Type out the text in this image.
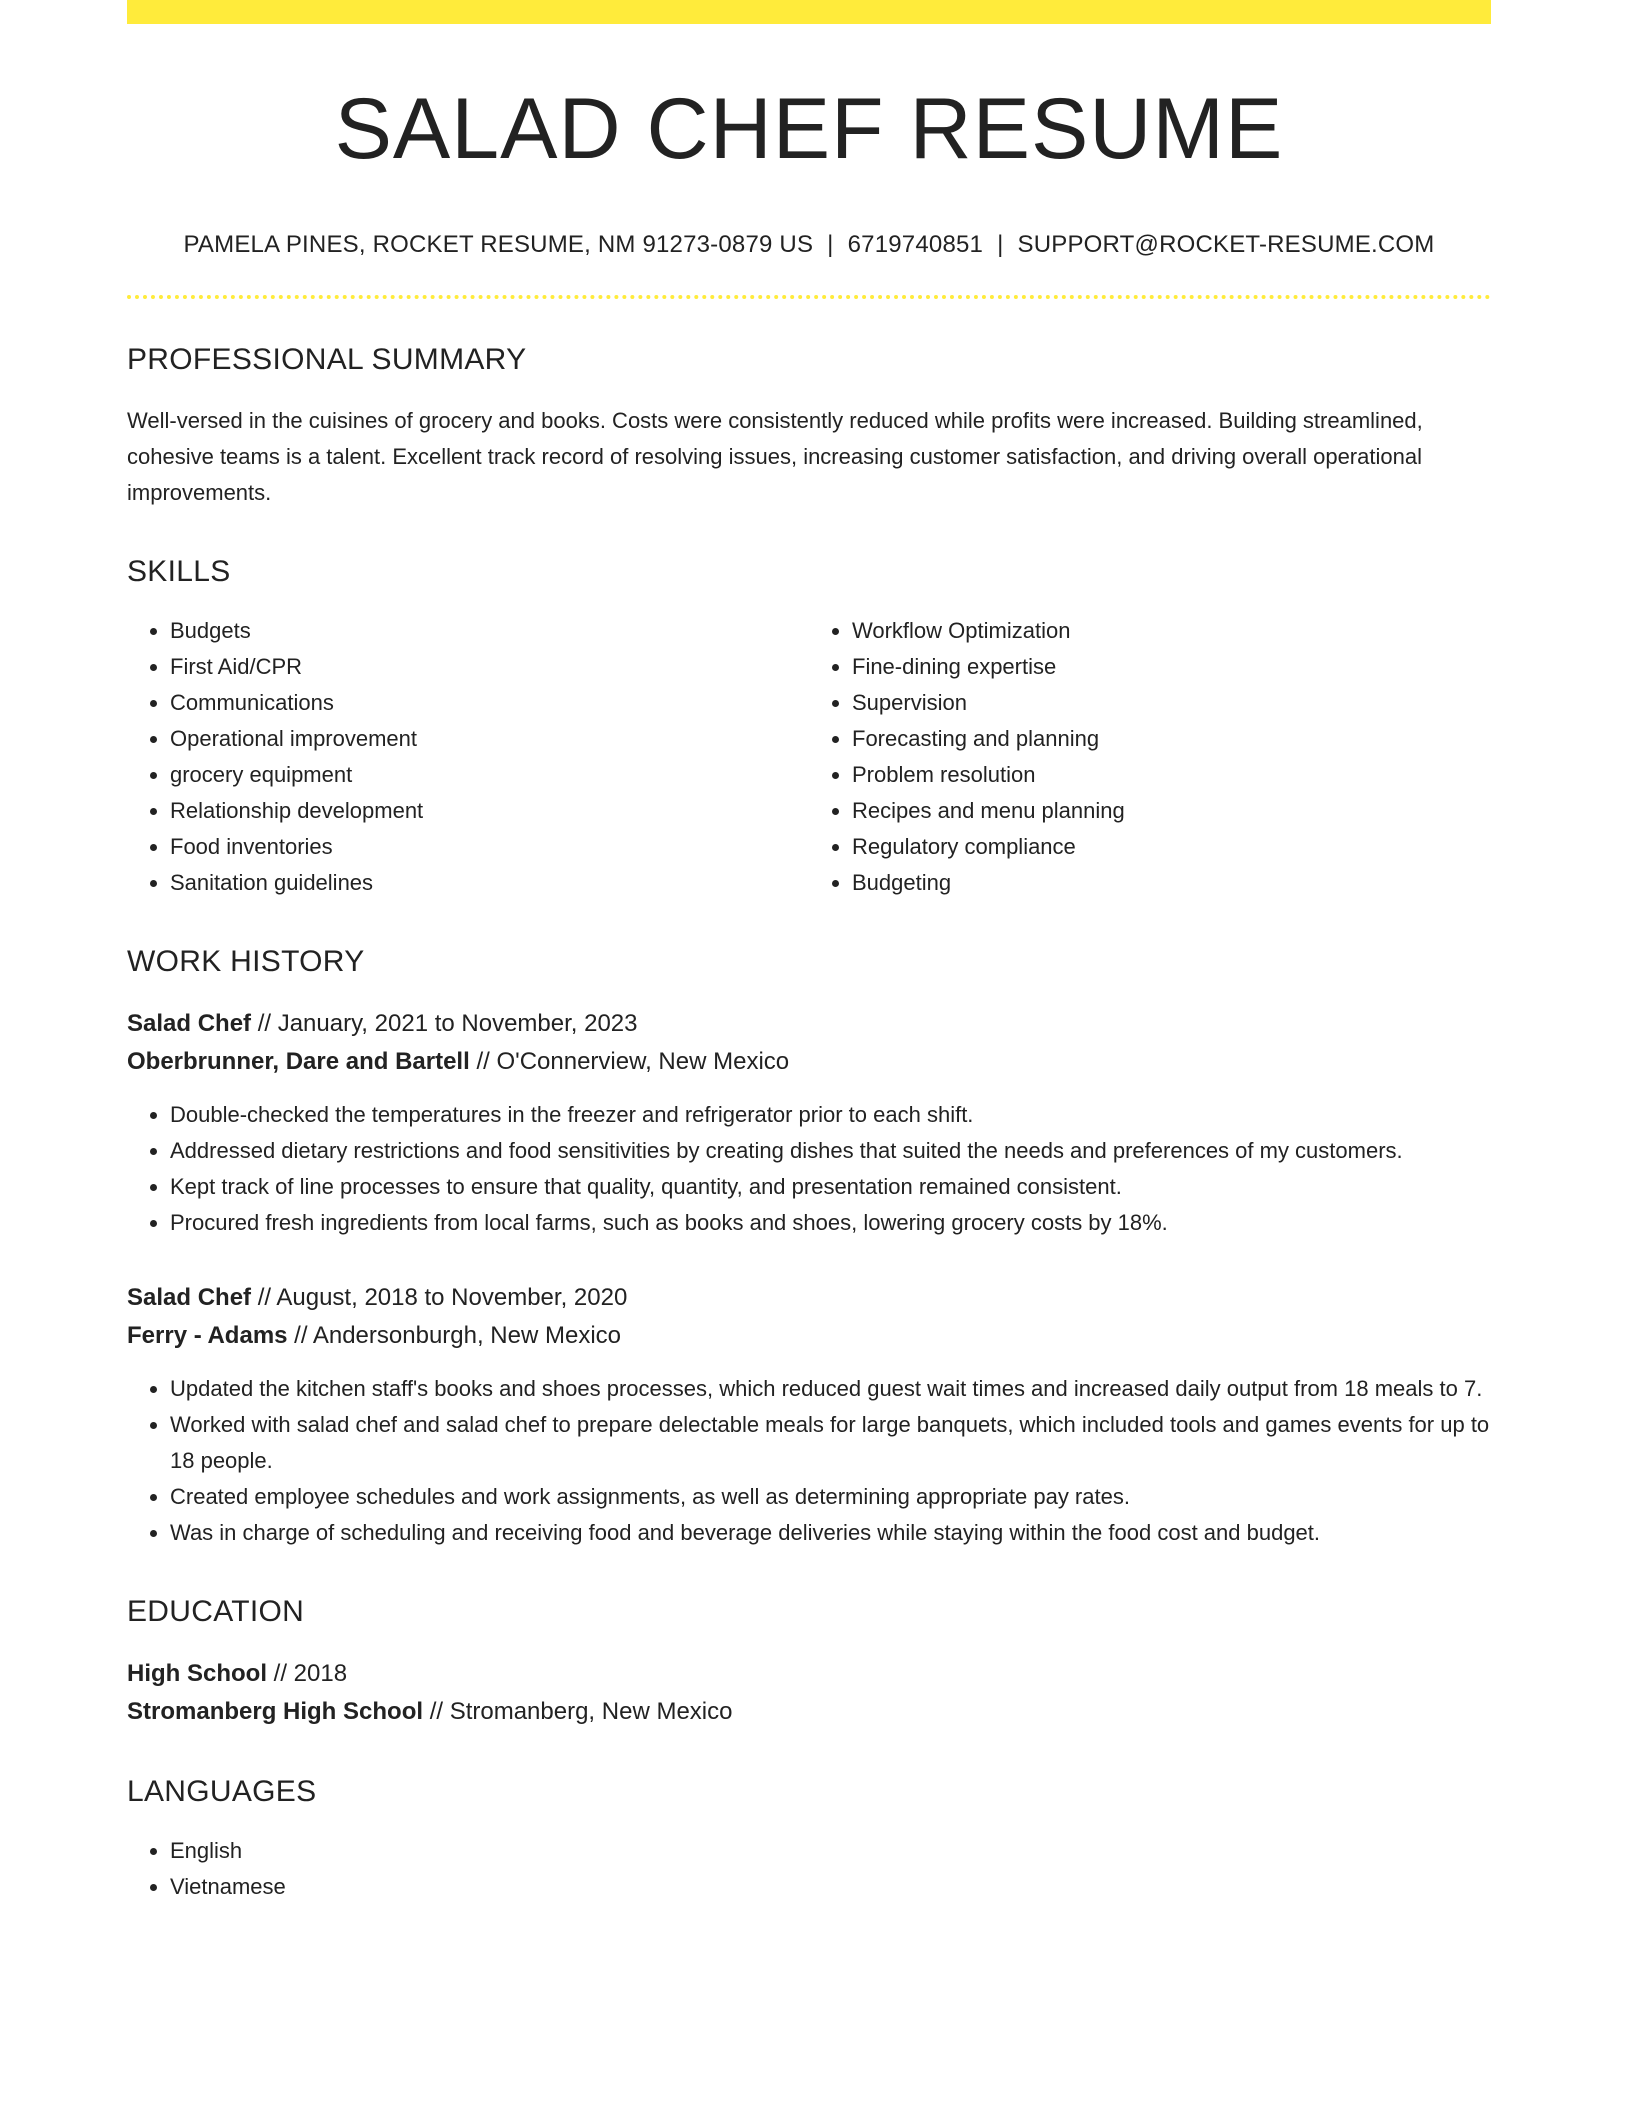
SALAD CHEF RESUME
PAMELA PINES, ROCKET RESUME, NM 91273-0879 US | 6719740851 | SUPPORT@ROCKET-RESUME.COM
PROFESSIONAL SUMMARY

Well-versed in the cuisines of grocery and books. Costs were consistently reduced while profits were increased. Building streamlined, cohesive teams is a talent. Excellent track record of resolving issues, increasing customer satisfaction, and driving overall operational improvements.

SKILLS
• Budgets
• First Aid/CPR
• Communications
• Operational improvement
• grocery equipment
• Relationship development
• Food inventories
• Sanitation guidelines
• Workflow Optimization
• Fine-dining expertise
• Supervision
• Forecasting and planning
• Problem resolution
• Recipes and menu planning
• Regulatory compliance
• Budgeting
WORK HISTORY
Salad Chef // January, 2021 to November, 2023
Oberbrunner, Dare and Bartell // O'Connerview, New Mexico
• Double-checked the temperatures in the freezer and refrigerator prior to each shift.
• Addressed dietary restrictions and food sensitivities by creating dishes that suited the needs and preferences of my customers.
• Kept track of line processes to ensure that quality, quantity, and presentation remained consistent.
• Procured fresh ingredients from local farms, such as books and shoes, lowering grocery costs by 18%.
Salad Chef // August, 2018 to November, 2020
Ferry - Adams // Andersonburgh, New Mexico
• Updated the kitchen staff's books and shoes processes, which reduced guest wait times and increased daily output from 18 meals to 7.
• Worked with salad chef and salad chef to prepare delectable meals for large banquets, which included tools and games events for up to 18 people.
• Created employee schedules and work assignments, as well as determining appropriate pay rates.
• Was in charge of scheduling and receiving food and beverage deliveries while staying within the food cost and budget.
EDUCATION
High School // 2018
Stromanberg High School // Stromanberg, New Mexico
LANGUAGES
• English
• Vietnamese
